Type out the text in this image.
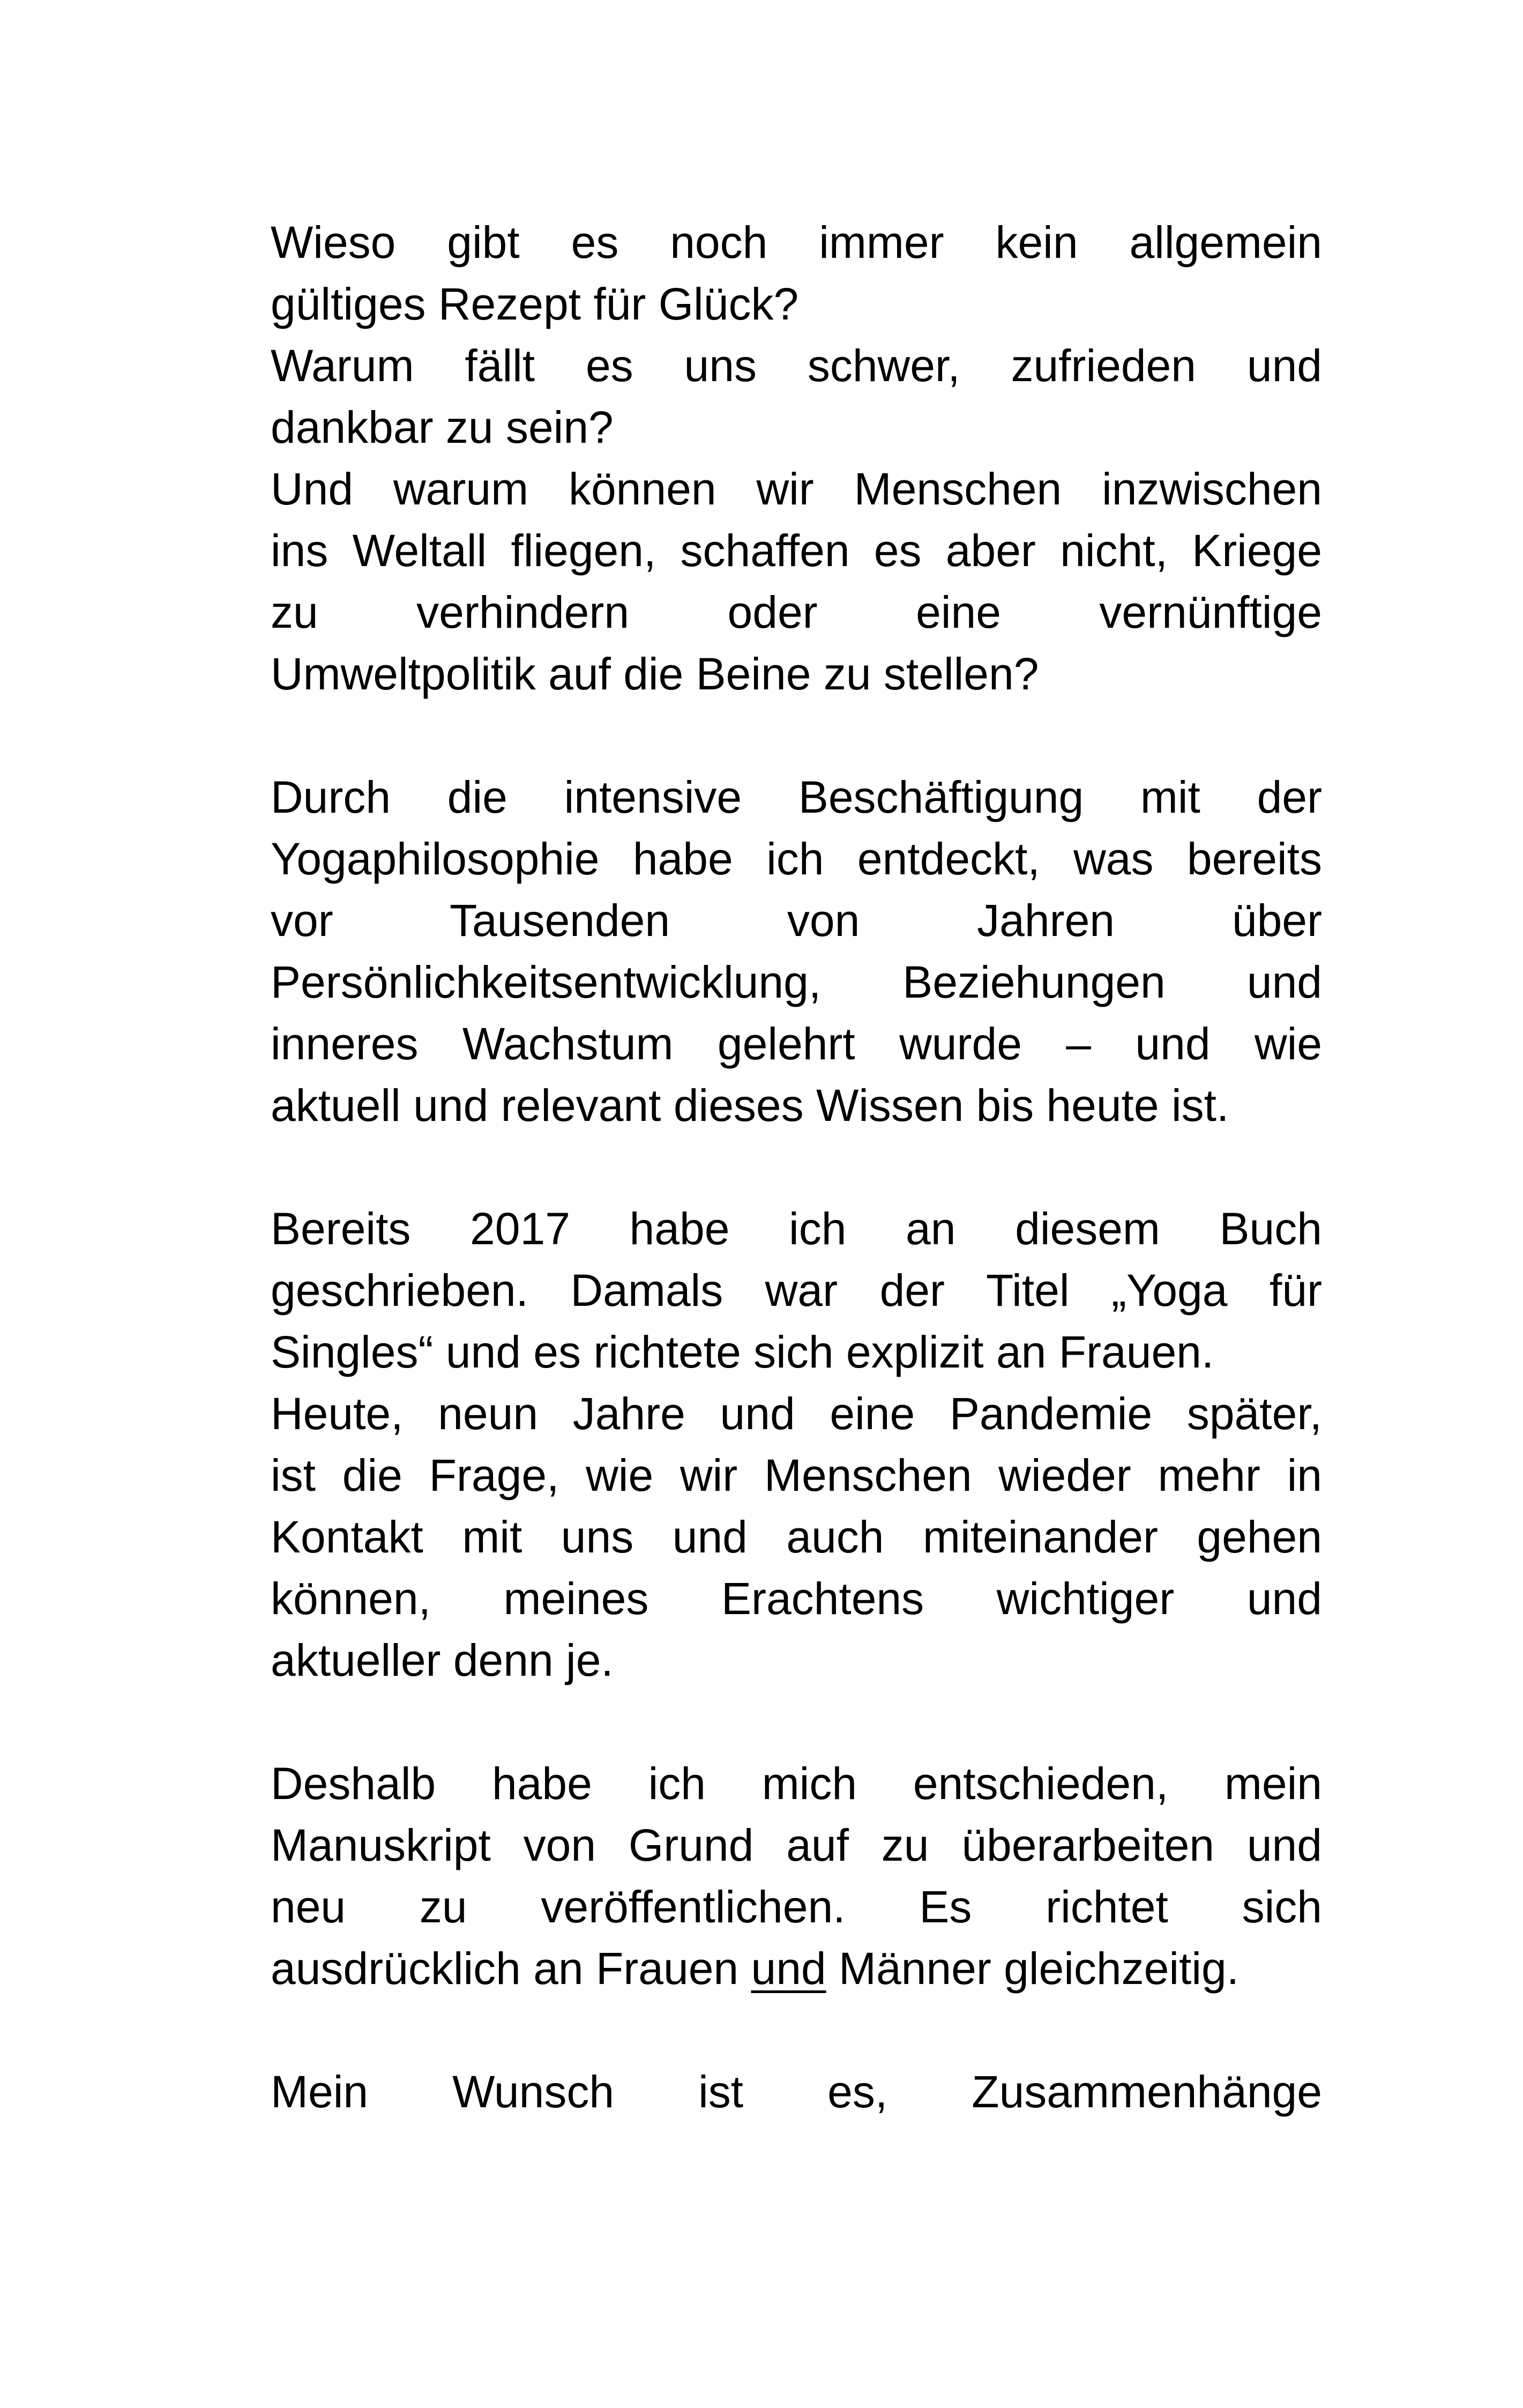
Wieso gibt es noch immer kein allgemein
gültiges Rezept für Glück?
Warum fällt es uns schwer, zufrieden und
dankbar zu sein?
Und warum können wir Menschen inzwischen
ins Weltall fliegen, schaffen es aber nicht, Kriege
zu verhindern oder eine vernünftige
Umweltpolitik auf die Beine zu stellen?
Durch die intensive Beschäftigung mit der
Yogaphilosophie habe ich entdeckt, was bereits
vor Tausenden von Jahren über
Persönlichkeitsentwicklung, Beziehungen und
inneres Wachstum gelehrt wurde – und wie
aktuell und relevant dieses Wissen bis heute ist.
Bereits 2017 habe ich an diesem Buch
geschrieben. Damals war der Titel „Yoga für
Singles“ und es richtete sich explizit an Frauen.
Heute, neun Jahre und eine Pandemie später,
ist die Frage, wie wir Menschen wieder mehr in
Kontakt mit uns und auch miteinander gehen
können, meines Erachtens wichtiger und
aktueller denn je.
Deshalb habe ich mich entschieden, mein
Manuskript von Grund auf zu überarbeiten und
neu zu veröffentlichen. Es richtet sich
ausdrücklich an Frauen und Männer gleichzeitig.
Mein Wunsch ist es, Zusammenhänge
